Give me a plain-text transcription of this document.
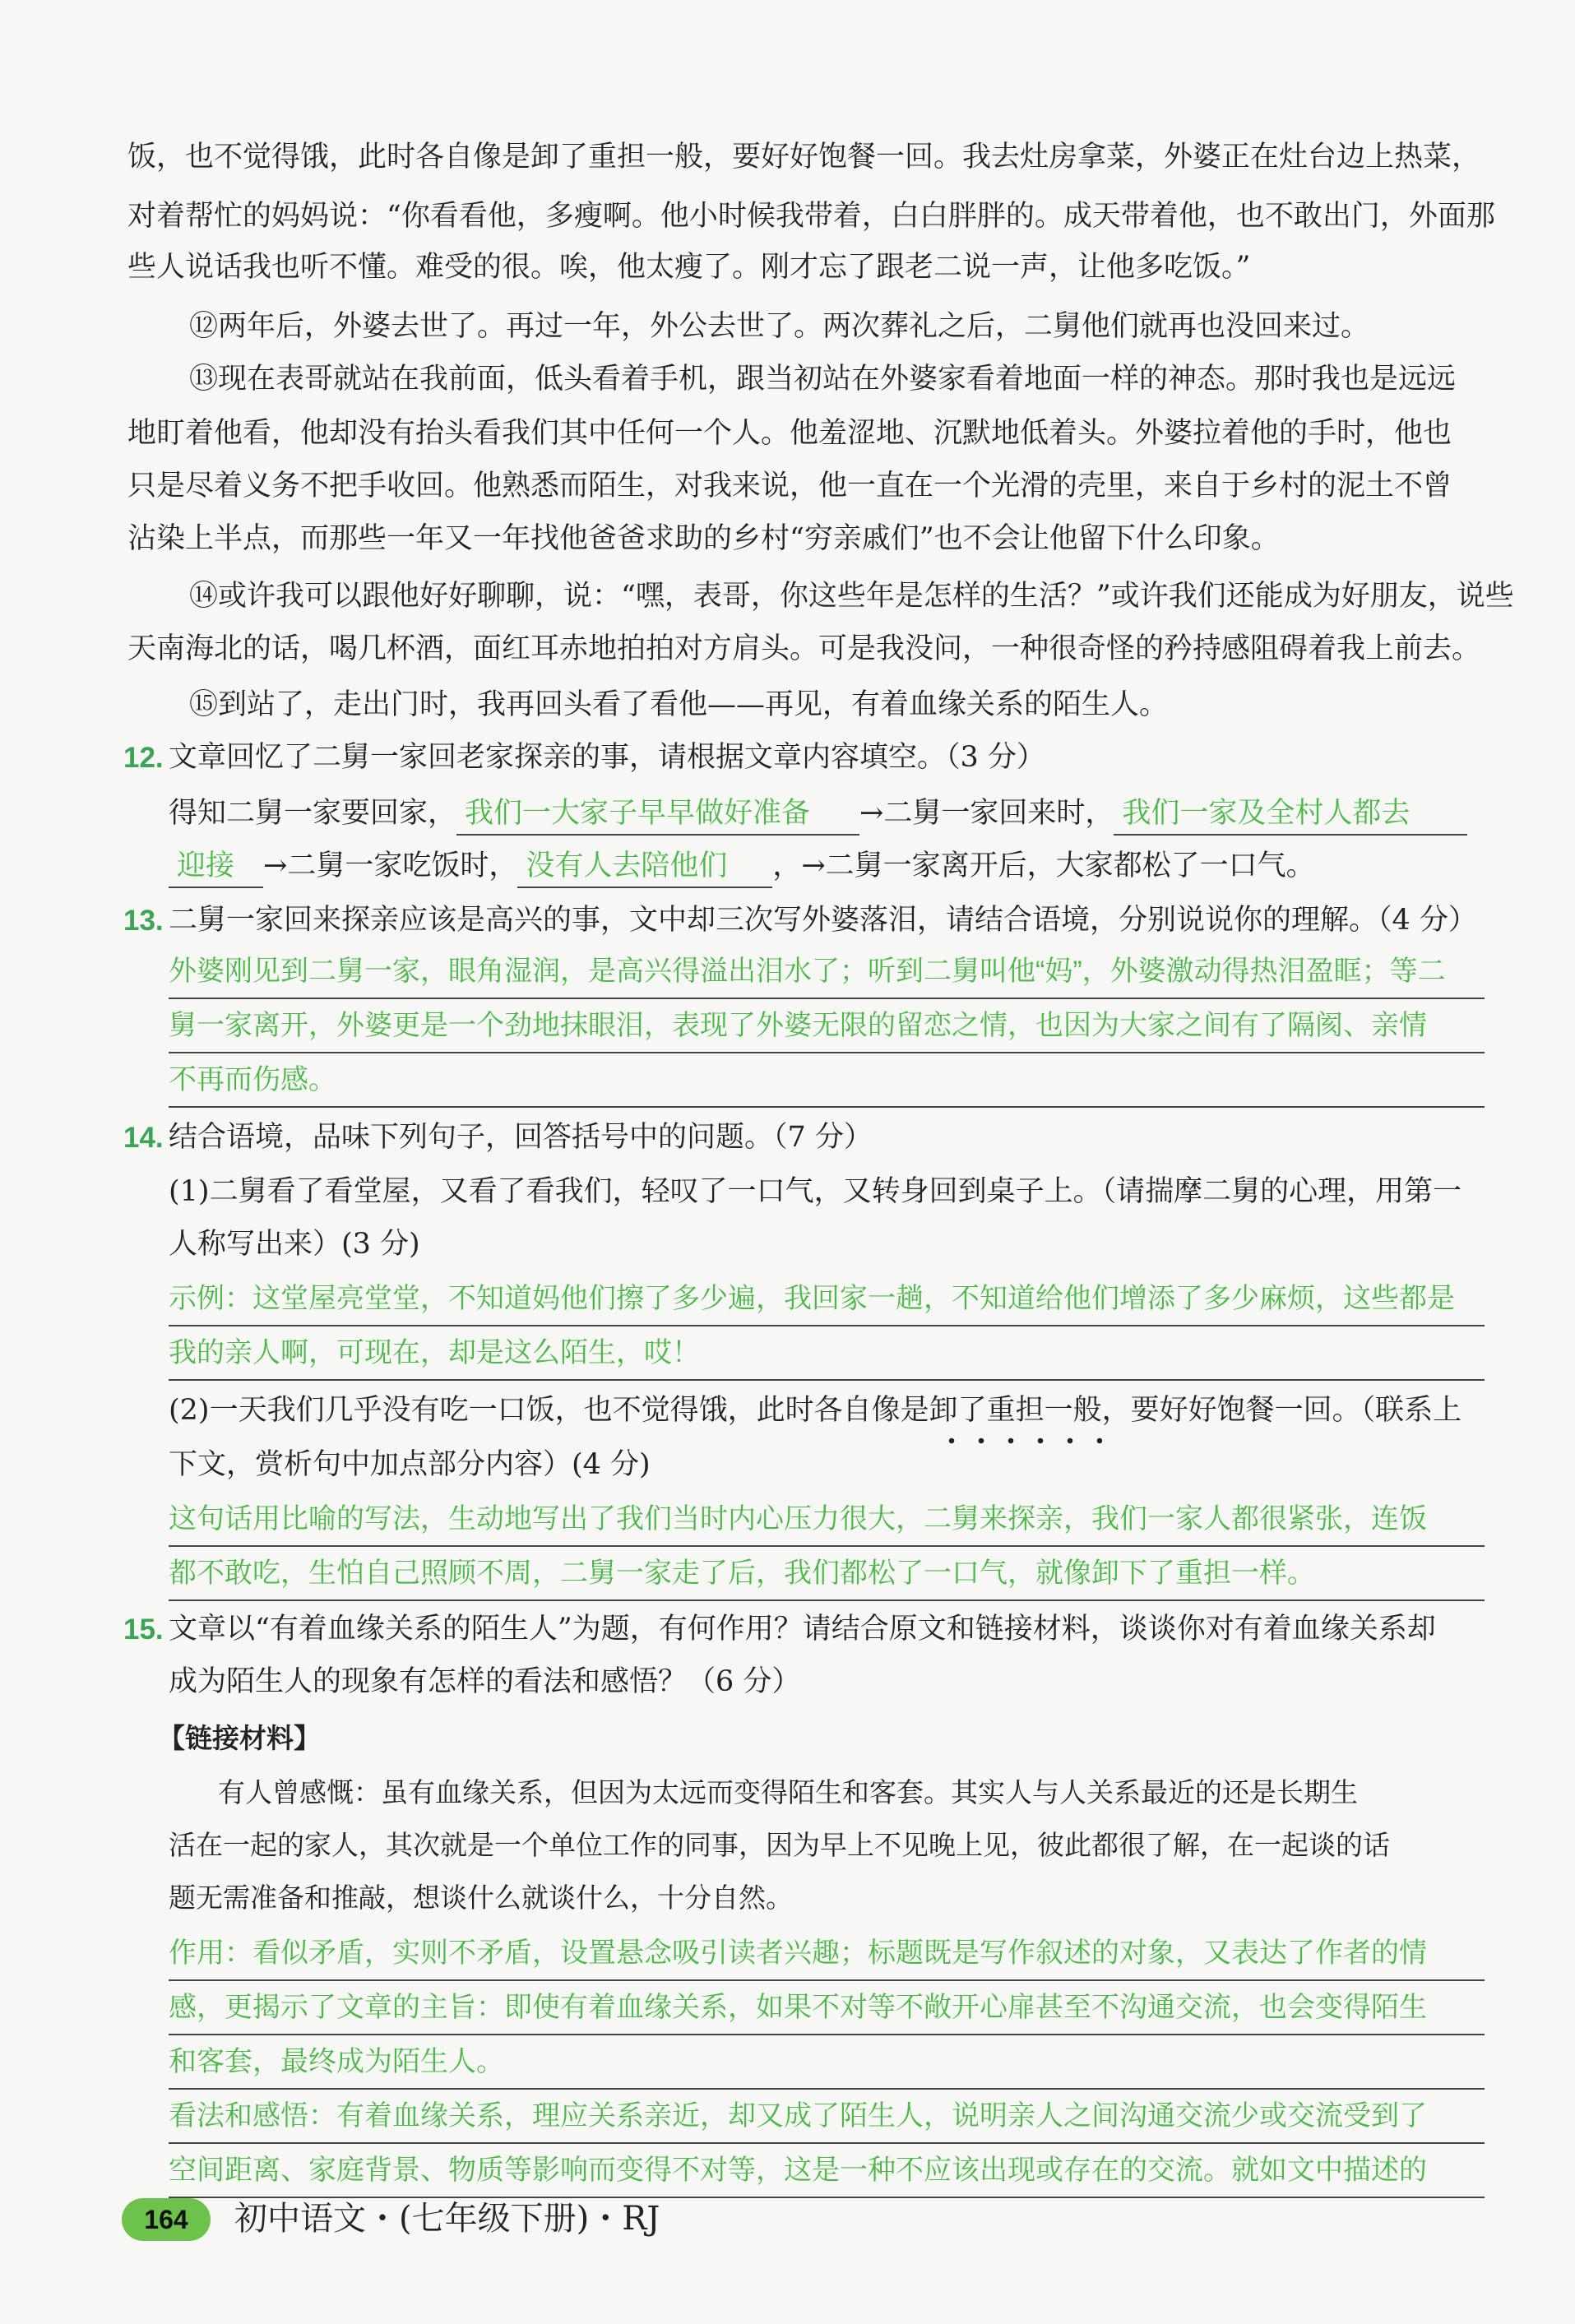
饭，也不觉得饿，此时各自像是卸了重担一般，要好好饱餐一回。我去灶房拿菜，外婆正在灶台边上热菜，
对着帮忙的妈妈说：“你看看他，多瘦啊。他小时候我带着，白白胖胖的。成天带着他，也不敢出门，外面那
些人说话我也听不懂。难受的很。唉，他太瘦了。刚才忘了跟老二说一声，让他多吃饭。”
⑫两年后，外婆去世了。再过一年，外公去世了。两次葬礼之后，二舅他们就再也没回来过。
⑬现在表哥就站在我前面，低头看着手机，跟当初站在外婆家看着地面一样的神态。那时我也是远远
地盯着他看，他却没有抬头看我们其中任何一个人。他羞涩地、沉默地低着头。外婆拉着他的手时，他也
只是尽着义务不把手收回。他熟悉而陌生，对我来说，他一直在一个光滑的壳里，来自于乡村的泥土不曾
沾染上半点，而那些一年又一年找他爸爸求助的乡村“穷亲戚们”也不会让他留下什么印象。
⑭或许我可以跟他好好聊聊，说：“嘿，表哥，你这些年是怎样的生活？”或许我们还能成为好朋友，说些
天南海北的话，喝几杯酒，面红耳赤地拍拍对方肩头。可是我没问，一种很奇怪的矜持感阻碍着我上前去。
⑮到站了，走出门时，我再回头看了看他——再见，有着血缘关系的陌生人。
12. 文章回忆了二舅一家回老家探亲的事，请根据文章内容填空。（3 分）
得知二舅一家要回家， 我们一大家子早早做好准备 →二舅一家回来时， 我们一家及全村人都去
迎接 →二舅一家吃饭时， 没有人去陪他们 ，→二舅一家离开后，大家都松了一口气。
13. 二舅一家回来探亲应该是高兴的事，文中却三次写外婆落泪，请结合语境，分别说说你的理解。（4 分）
外婆刚见到二舅一家，眼角湿润，是高兴得溢出泪水了；听到二舅叫他“妈”，外婆激动得热泪盈眶；等二
舅一家离开，外婆更是一个劲地抹眼泪，表现了外婆无限的留恋之情，也因为大家之间有了隔阂、亲情
不再而伤感。
14. 结合语境，品味下列句子，回答括号中的问题。（7 分）
(1)二舅看了看堂屋，又看了看我们，轻叹了一口气，又转身回到桌子上。（请揣摩二舅的心理，用第一
人称写出来）(3 分)
示例：这堂屋亮堂堂，不知道妈他们擦了多少遍，我回家一趟，不知道给他们增添了多少麻烦，这些都是
我的亲人啊，可现在，却是这么陌生，哎！
(2)一天我们几乎没有吃一口饭，也不觉得饿，此时各自像是卸了重担一般
，要好好饱餐一回。（联系上
下文，赏析句中加点部分内容）(4 分)
这句话用比喻的写法，生动地写出了我们当时内心压力很大，二舅来探亲，我们一家人都很紧张，连饭
都不敢吃，生怕自己照顾不周，二舅一家走了后，我们都松了一口气，就像卸下了重担一样。
15. 文章以“有着血缘关系的陌生人”为题，有何作用？请结合原文和链接材料，谈谈你对有着血缘关系却
成为陌生人的现象有怎样的看法和感悟？（6 分）
【链接材料】
有人曾感慨：虽有血缘关系，但因为太远而变得陌生和客套。其实人与人关系最近的还是长期生
活在一起的家人，其次就是一个单位工作的同事，因为早上不见晚上见，彼此都很了解，在一起谈的话
题无需准备和推敲，想谈什么就谈什么，十分自然。
作用：看似矛盾，实则不矛盾，设置悬念吸引读者兴趣；标题既是写作叙述的对象，又表达了作者的情
感，更揭示了文章的主旨：即使有着血缘关系，如果不对等不敞开心扉甚至不沟通交流，也会变得陌生
和客套，最终成为陌生人。
看法和感悟：有着血缘关系，理应关系亲近，却又成了陌生人，说明亲人之间沟通交流少或交流受到了
空间距离、家庭背景、物质等影响而变得不对等，这是一种不应该出现或存在的交流。就如文中描述的
164	初中语文・(七年级下册)・RJ
